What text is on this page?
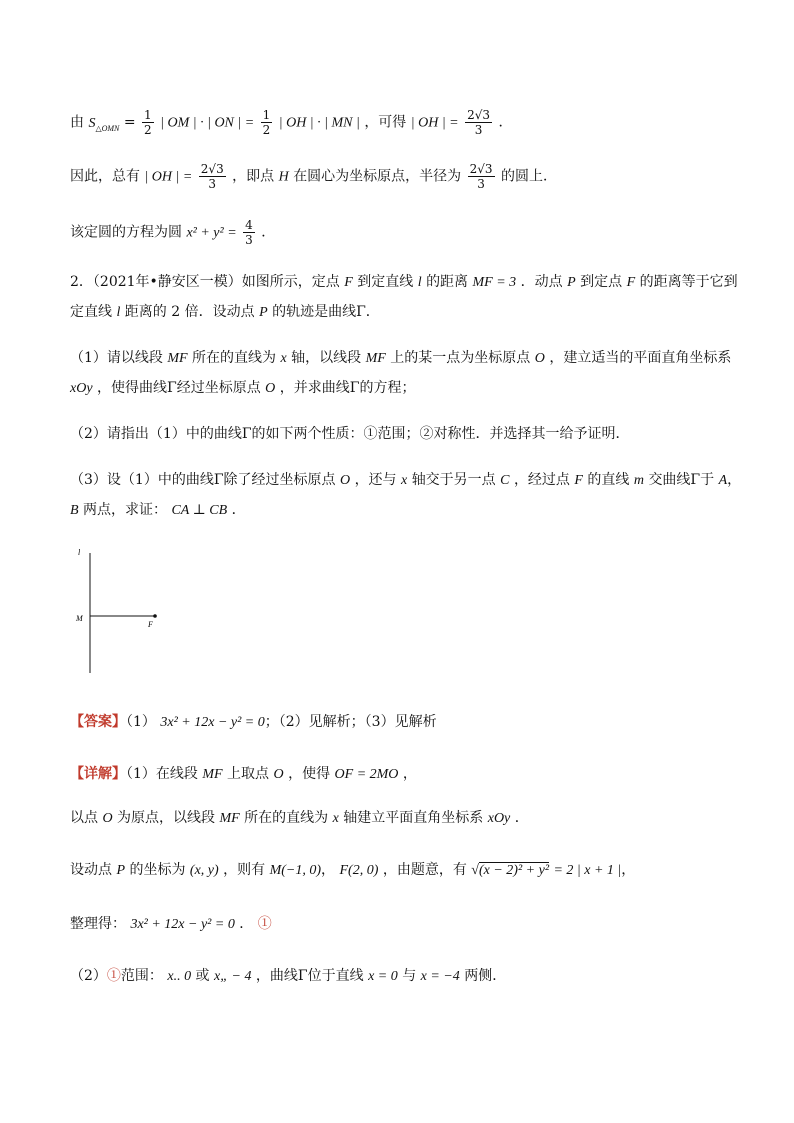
由 $S_{\triangle OMN} = \frac{1}{2}$ | OM | · | ON | = $\frac{1}{2}$ | OH | · | MN | ，可得 | OH | = $\frac{2√3}{3}$ ．
因此，总有 | OH | = $\frac{2√3}{3}$ ，即点 H 在圆心为坐标原点，半径为 $\frac{2√3}{3}$ 的圆上．
该定圆的方程为圆 $x^2 + y^2 = \frac{4}{3}$ ．
2．（2021年•静安区一模）如图所示，定点 F 到定直线 l 的距离 MF = 3 ．动点 P 到定点 F 的距离等于它到
定直线 l 距离的 2 倍．设动点 P 的轨迹是曲线Γ．
（1）请以线段 MF 所在的直线为 x 轴，以线段 MF 上的某一点为坐标原点 O ，建立适当的平面直角坐标系
xOy ，使得曲线Γ经过坐标原点 O ，并求曲线Γ的方程；
（2）请指出（1）中的曲线Γ的如下两个性质：①范围；②对称性．并选择其一给予证明．
（3）设（1）中的曲线Γ除了经过坐标原点 O ，还与 x 轴交于另一点 C ，经过点 F 的直线 m 交曲线Γ于 A，
B 两点，求证： CA ⊥ CB ．
l
M
F
【答案】（1） 3x² + 12x − y² = 0；（2）见解析；（3）见解析
【详解】（1）在线段 MF 上取点 O ，使得 OF = 2MO ，
以点 O 为原点，以线段 MF 所在的直线为 x 轴建立平面直角坐标系 xOy ．
设动点 P 的坐标为 (x, y) ，则有 M(−1, 0)， F(2, 0) ，由题意，有 √(x − 2)² + y² = 2 | x + 1 |，
整理得： 3x² + 12x − y² = 0 ． ①
（2）①范围： x.. 0 或 x„ − 4 ，曲线Γ位于直线 x = 0 与 x = −4 两侧．
